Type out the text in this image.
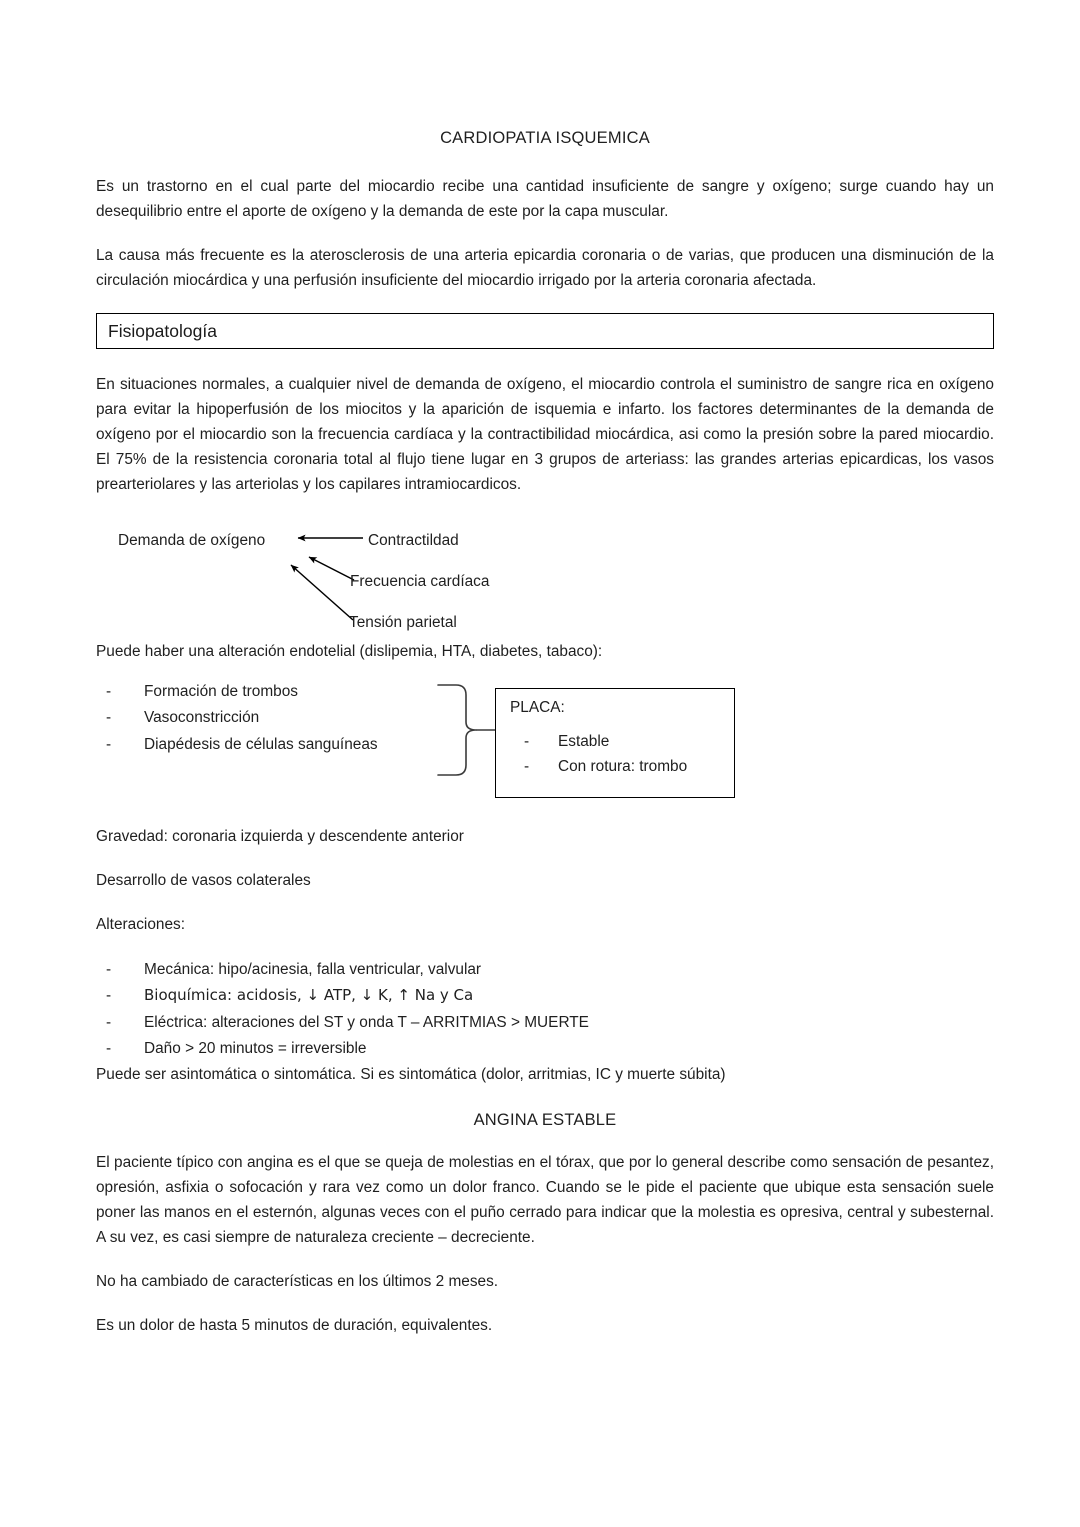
CARDIOPATIA ISQUEMICA

Es un trastorno en el cual parte del miocardio recibe una cantidad insuficiente de sangre y oxígeno; surge cuando hay un desequilibrio entre el aporte de oxígeno y la demanda de este por la capa muscular.

La causa más frecuente es la aterosclerosis de una arteria epicardia coronaria o de varias, que producen una disminución de la circulación miocárdica y una perfusión insuficiente del miocardio irrigado por la arteria coronaria afectada.

Fisiopatología

En situaciones normales, a cualquier nivel de demanda de oxígeno, el miocardio controla el suministro de sangre rica en oxígeno para evitar la hipoperfusión de los miocitos y la aparición de isquemia e infarto. los factores determinantes de la demanda de oxígeno por el miocardio son la frecuencia cardíaca y la contractibilidad miocárdica, asi como la presión sobre la pared miocardio. El 75% de la resistencia coronaria total al flujo tiene lugar en 3 grupos de arteriass: las grandes arterias epicardicas, los vasos prearteriolares y las arteriolas y los capilares intramiocardicos.

Demanda de oxígeno	Contractildad
Frecuencia cardíaca
Tensión parietal

Puede haber una alteración endotelial (dislipemia, HTA, diabetes, tabaco):

- Formación de trombos
- Vasoconstricción
- Diapédesis de células sanguíneas
PLACA:
- Estable
- Con rotura: trombo

Gravedad: coronaria izquierda y descendente anterior

Desarrollo de vasos colaterales

Alteraciones:

- Mecánica: hipo/acinesia, falla ventricular, valvular
- Bioquímica: acidosis, ↓ ATP, ↓ K, ↑ Na y Ca
- Eléctrica: alteraciones del ST y onda T – ARRITMIAS > MUERTE
- Daño > 20 minutos = irreversible

Puede ser asintomática o sintomática. Si es sintomática (dolor, arritmias, IC y muerte súbita)

ANGINA ESTABLE

El paciente típico con angina es el que se queja de molestias en el tórax, que por lo general describe como sensación de pesantez, opresión, asfixia o sofocación y rara vez como un dolor franco. Cuando se le pide el paciente que ubique esta sensación suele poner las manos en el esternón, algunas veces con el puño cerrado para indicar que la molestia es opresiva, central y subesternal. A su vez, es casi siempre de naturaleza creciente – decreciente.

No ha cambiado de características en los últimos 2 meses.

Es un dolor de hasta 5 minutos de duración, equivalentes.
